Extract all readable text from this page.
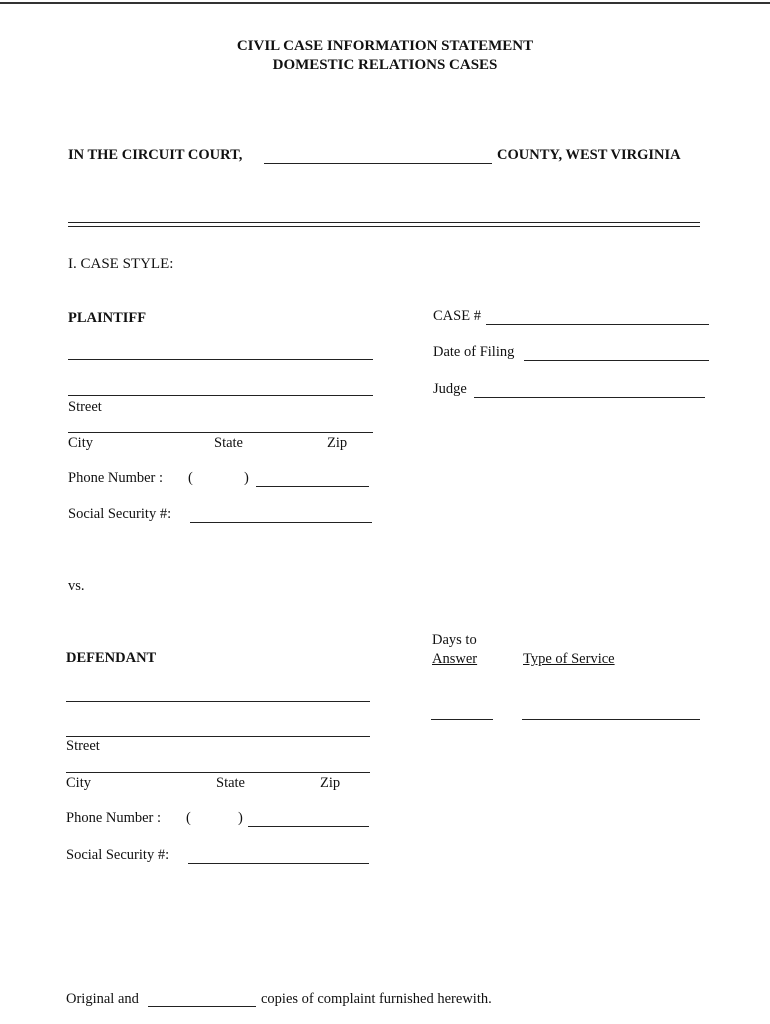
CIVIL CASE INFORMATION STATEMENT
DOMESTIC RELATIONS CASES
IN THE CIRCUIT COURT,	COUNTY, WEST VIRGINIA
I. CASE STYLE:
PLAINTIFF
Street
City	State	Zip
Phone Number : (	)
Social Security #:
CASE #
Date of Filing
Judge
vs.
DEFENDANT
Street
City	State	Zip
Phone Number : (	)
Social Security #:
Days to
Answer	Type of Service
Original and	copies of complaint furnished herewith.
